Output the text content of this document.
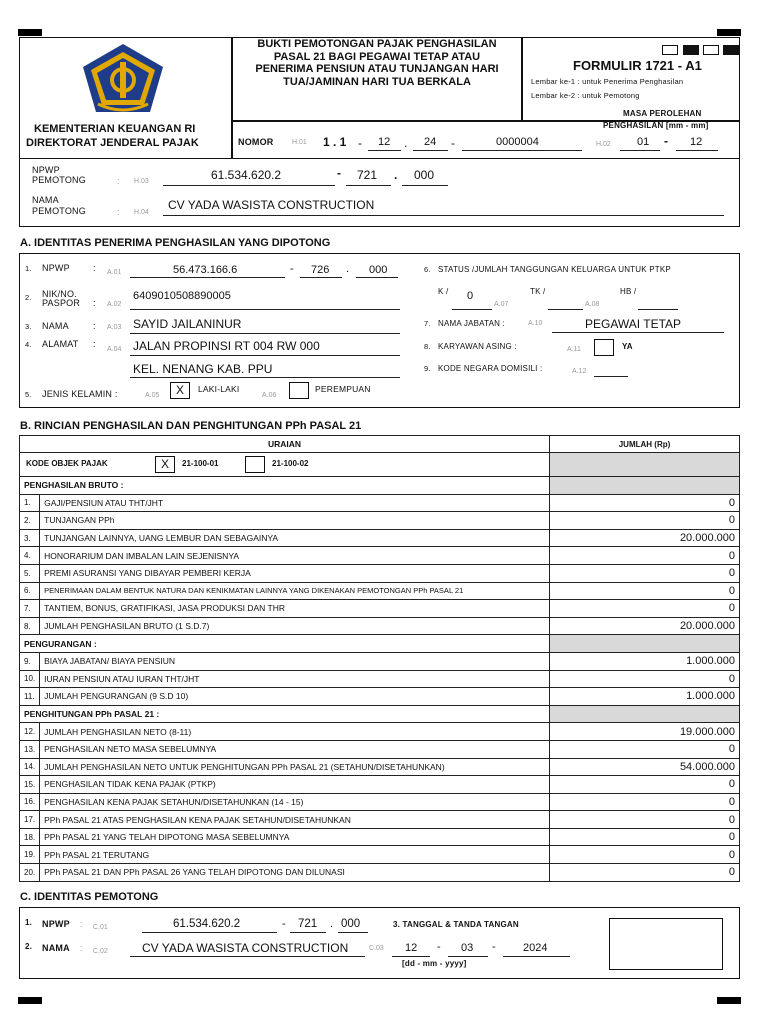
KEMENTERIAN KEUANGAN RI
DIREKTORAT JENDERAL PAJAK
BUKTI PEMOTONGAN PAJAK PENGHASILAN
PASAL 21 BAGI PEGAWAI TETAP ATAU
PENERIMA PENSIUN ATAU TUNJANGAN HARI
TUA/JAMINAN HARI TUA BERKALA
FORMULIR 1721 - A1
Lembar ke-1 : untuk Penerima Penghasilan
Lembar ke-2 : untuk Pemotong
MASA PEROLEHAN
PENGHASILAN [mm - mm]
NOMOR	H.01 1 . 1 - 12 . 24 -	0000004	H.02 01 - 12
NPWP
PEMOTONG	: H.03	61.534.620.2	- 721 . 000
NAMA
PEMOTONG	: H.04
CV YADA WASISTA CONSTRUCTION
A. IDENTITAS PENERIMA PENGHASILAN YANG DIPOTONG
1. NPWP	: A.01	56.473.166.6	- 726 . 000
2. NIK/NO.
PASPOR : A.02
6409010508890005
3. NAMA	: A.03 SAYID JAILANINUR
4. ALAMAT :
A.04 JALAN PROPINSI RT 004 RW 000
KEL. NENANG KAB. PPU
5. JENIS KELAMIN :	A.05	X	LAKI-LAKI
A.06
PEREMPUAN
6. STATUS /JUMLAH TANGGUNGAN KELUARGA UNTUK PTKP
K / 0
A.07
TK /
A.08
HB /
7. NAMA JABATAN :	A.10	PEGAWAI TETAP
8. KARYAWAN ASING :	A.11	YA
9. KODE NEGARA DOMISILI :	A.12
B. RINCIAN PENGHASILAN DAN PENGHITUNGAN PPh PASAL 21
URAIAN		JUMLAH (Rp)

KODE OBJEK PAJAK X 21-100-01 21-100-02		

PENGHASILAN BRUTO :		
1.	GAJI/PENSIUN ATAU THT/JHT	0
2.	TUNJANGAN PPh	0
3.	TUNJANGAN LAINNYA, UANG LEMBUR DAN SEBAGAINYA	20.000.000
4.	HONORARIUM DAN IMBALAN LAIN SEJENISNYA	0
5.	PREMI ASURANSI YANG DIBAYAR PEMBERI KERJA	0
6.	PENERIMAAN DALAM BENTUK NATURA DAN KENIKMATAN LAINNYA YANG DIKENAKAN PEMOTONGAN PPh PASAL 21	0
7.	TANTIEM, BONUS, GRATIFIKASI, JASA PRODUKSI DAN THR	0
8.	JUMLAH PENGHASILAN BRUTO (1 S.D.7)	20.000.000
PENGURANGAN :		
9.	BIAYA JABATAN/ BIAYA PENSIUN	1.000.000
10.	IURAN PENSIUN ATAU IURAN THT/JHT	0
11.	JUMLAH PENGURANGAN (9 S.D 10)	1.000.000
PENGHITUNGAN PPh PASAL 21 :		
12.	JUMLAH PENGHASILAN NETO (8-11)	19.000.000
13.	PENGHASILAN NETO MASA SEBELUMNYA	0
14.	JUMLAH PENGHASILAN NETO UNTUK PENGHITUNGAN PPh PASAL 21 (SETAHUN/DISETAHUNKAN)	54.000.000
15.	PENGHASILAN TIDAK KENA PAJAK (PTKP)	0
16.	PENGHASILAN KENA PAJAK SETAHUN/DISETAHUNKAN (14 - 15)	0
17.	PPh PASAL 21 ATAS PENGHASILAN KENA PAJAK SETAHUN/DISETAHUNKAN	0
18.	PPh PASAL 21 YANG TELAH DIPOTONG MASA SEBELUMNYA	0
19.	PPh PASAL 21 TERUTANG	0
20.	PPh PASAL 21 DAN PPh PASAL 26 YANG TELAH DIPOTONG DAN DILUNASI	0
C. IDENTITAS PEMOTONG
1. NPWP : C.01	61.534.620.2	- 721 . 000	3. TANGGAL & TANDA TANGAN
2. NAMA : C.02	CV YADA WASISTA CONSTRUCTION	C.03 12 - 03 - 2024
[dd - mm - yyyy]
